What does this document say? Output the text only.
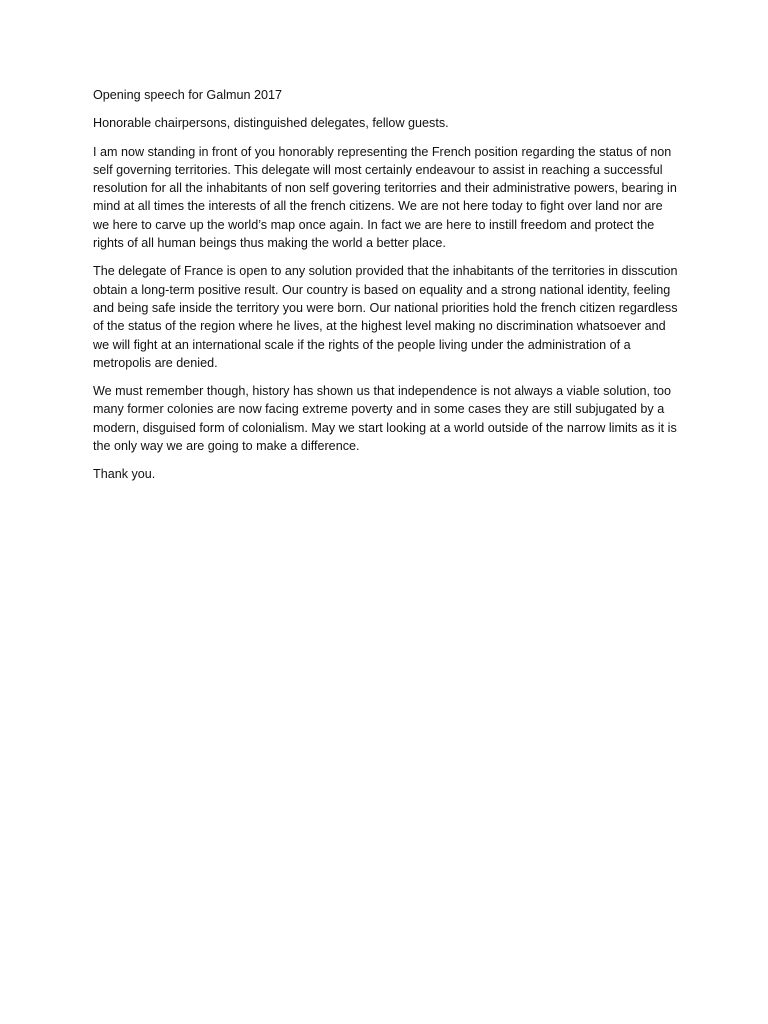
Opening speech for Galmun 2017

Honorable chairpersons, distinguished delegates, fellow guests.

I am now standing in front of you honorably representing the French position regarding the status of non self governing territories. This delegate will most certainly endeavour to assist in reaching a successful resolution for all the inhabitants of non self govering teritorries and their administrative powers, bearing in mind at all times the interests of all the french citizens. We are not here today to fight over land nor are we here to carve up the world’s map once again. In fact we are here to instill freedom and protect the rights of all human beings thus making the world a better place.

The delegate of France is open to any solution provided that the inhabitants of the territories in disscution obtain a long-term positive result. Our country is based on equality and a strong national identity, feeling and being safe inside the territory you were born. Our national priorities hold the french citizen regardless of the status of the region where he lives, at the highest level making no discrimination whatsoever and we will fight at an international scale if the rights of the people living under the administration of a metropolis are denied.

We must remember though, history has shown us that independence is not always a viable solution, too many former colonies are now facing extreme poverty and in some cases they are still subjugated by a modern, disguised form of colonialism. May we start looking at a world outside of the narrow limits as it is the only way we are going to make a difference.

Thank you.
